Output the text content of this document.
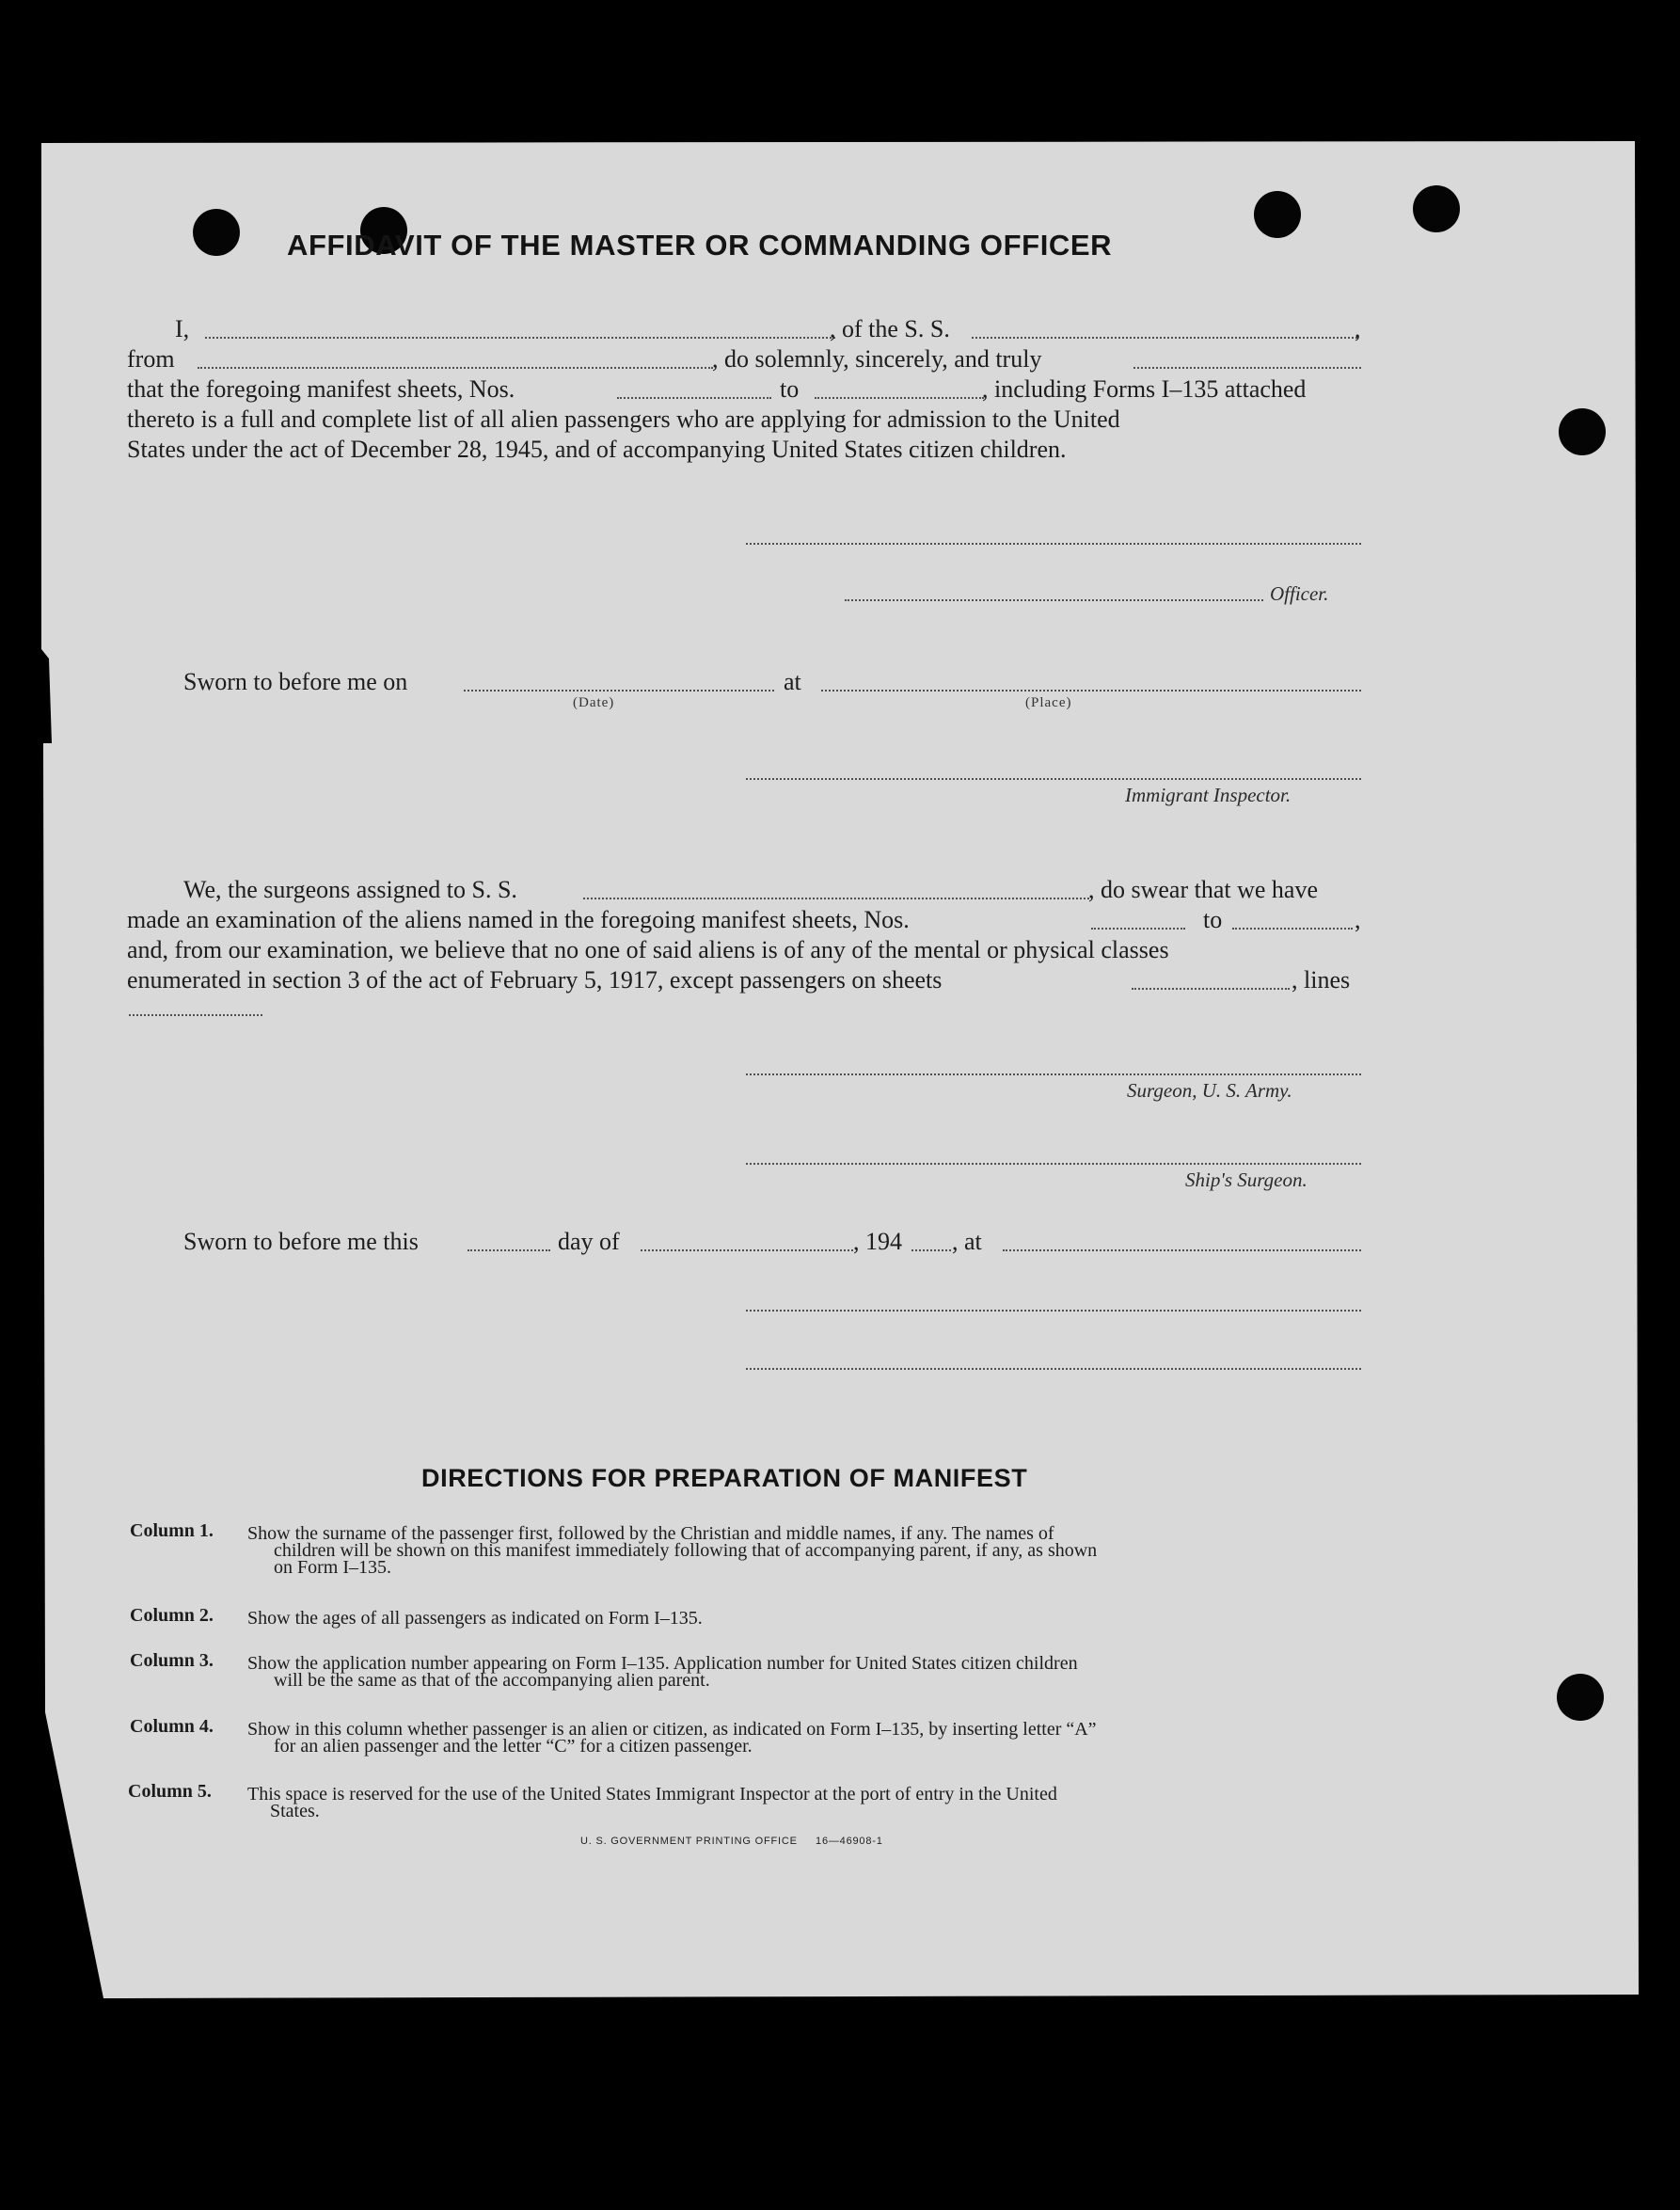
AFFIDAVIT OF THE MASTER OR COMMANDING OFFICER
I,	, of the S. S.	,
from	, do solemnly, sincerely, and truly
that the foregoing manifest sheets, Nos.	to	, including Forms I–135 attached
thereto is a full and complete list of all alien passengers who are applying for admission to the United
States under the act of December 28, 1945, and of accompanying United States citizen children.
Officer.
Sworn to before me on	at
(Date)	(Place)
Immigrant Inspector.
We, the surgeons assigned to S. S.	, do swear that we have
made an examination of the aliens named in the foregoing manifest sheets, Nos.	to	,
and, from our examination, we believe that no one of said aliens is of any of the mental or physical classes
enumerated in section 3 of the act of February 5, 1917, except passengers on sheets	, lines
Surgeon, U. S. Army.
Ship's Surgeon.
Sworn to before me this	day of	, 194 , at
DIRECTIONS FOR PREPARATION OF MANIFEST
Column 1. Show the surname of the passenger first, followed by the Christian and middle names, if any. The names of
children will be shown on this manifest immediately following that of accompanying parent, if any, as shown
on Form I–135.
Column 2. Show the ages of all passengers as indicated on Form I–135.
Column 3. Show the application number appearing on Form I–135. Application number for United States citizen children
will be the same as that of the accompanying alien parent.
Column 4. Show in this column whether passenger is an alien or citizen, as indicated on Form I–135, by inserting letter “A”
for an alien passenger and the letter “C” for a citizen passenger.
Column 5. This space is reserved for the use of the United States Immigrant Inspector at the port of entry in the United
States.
U. S. GOVERNMENT PRINTING OFFICE     16—46908-1
